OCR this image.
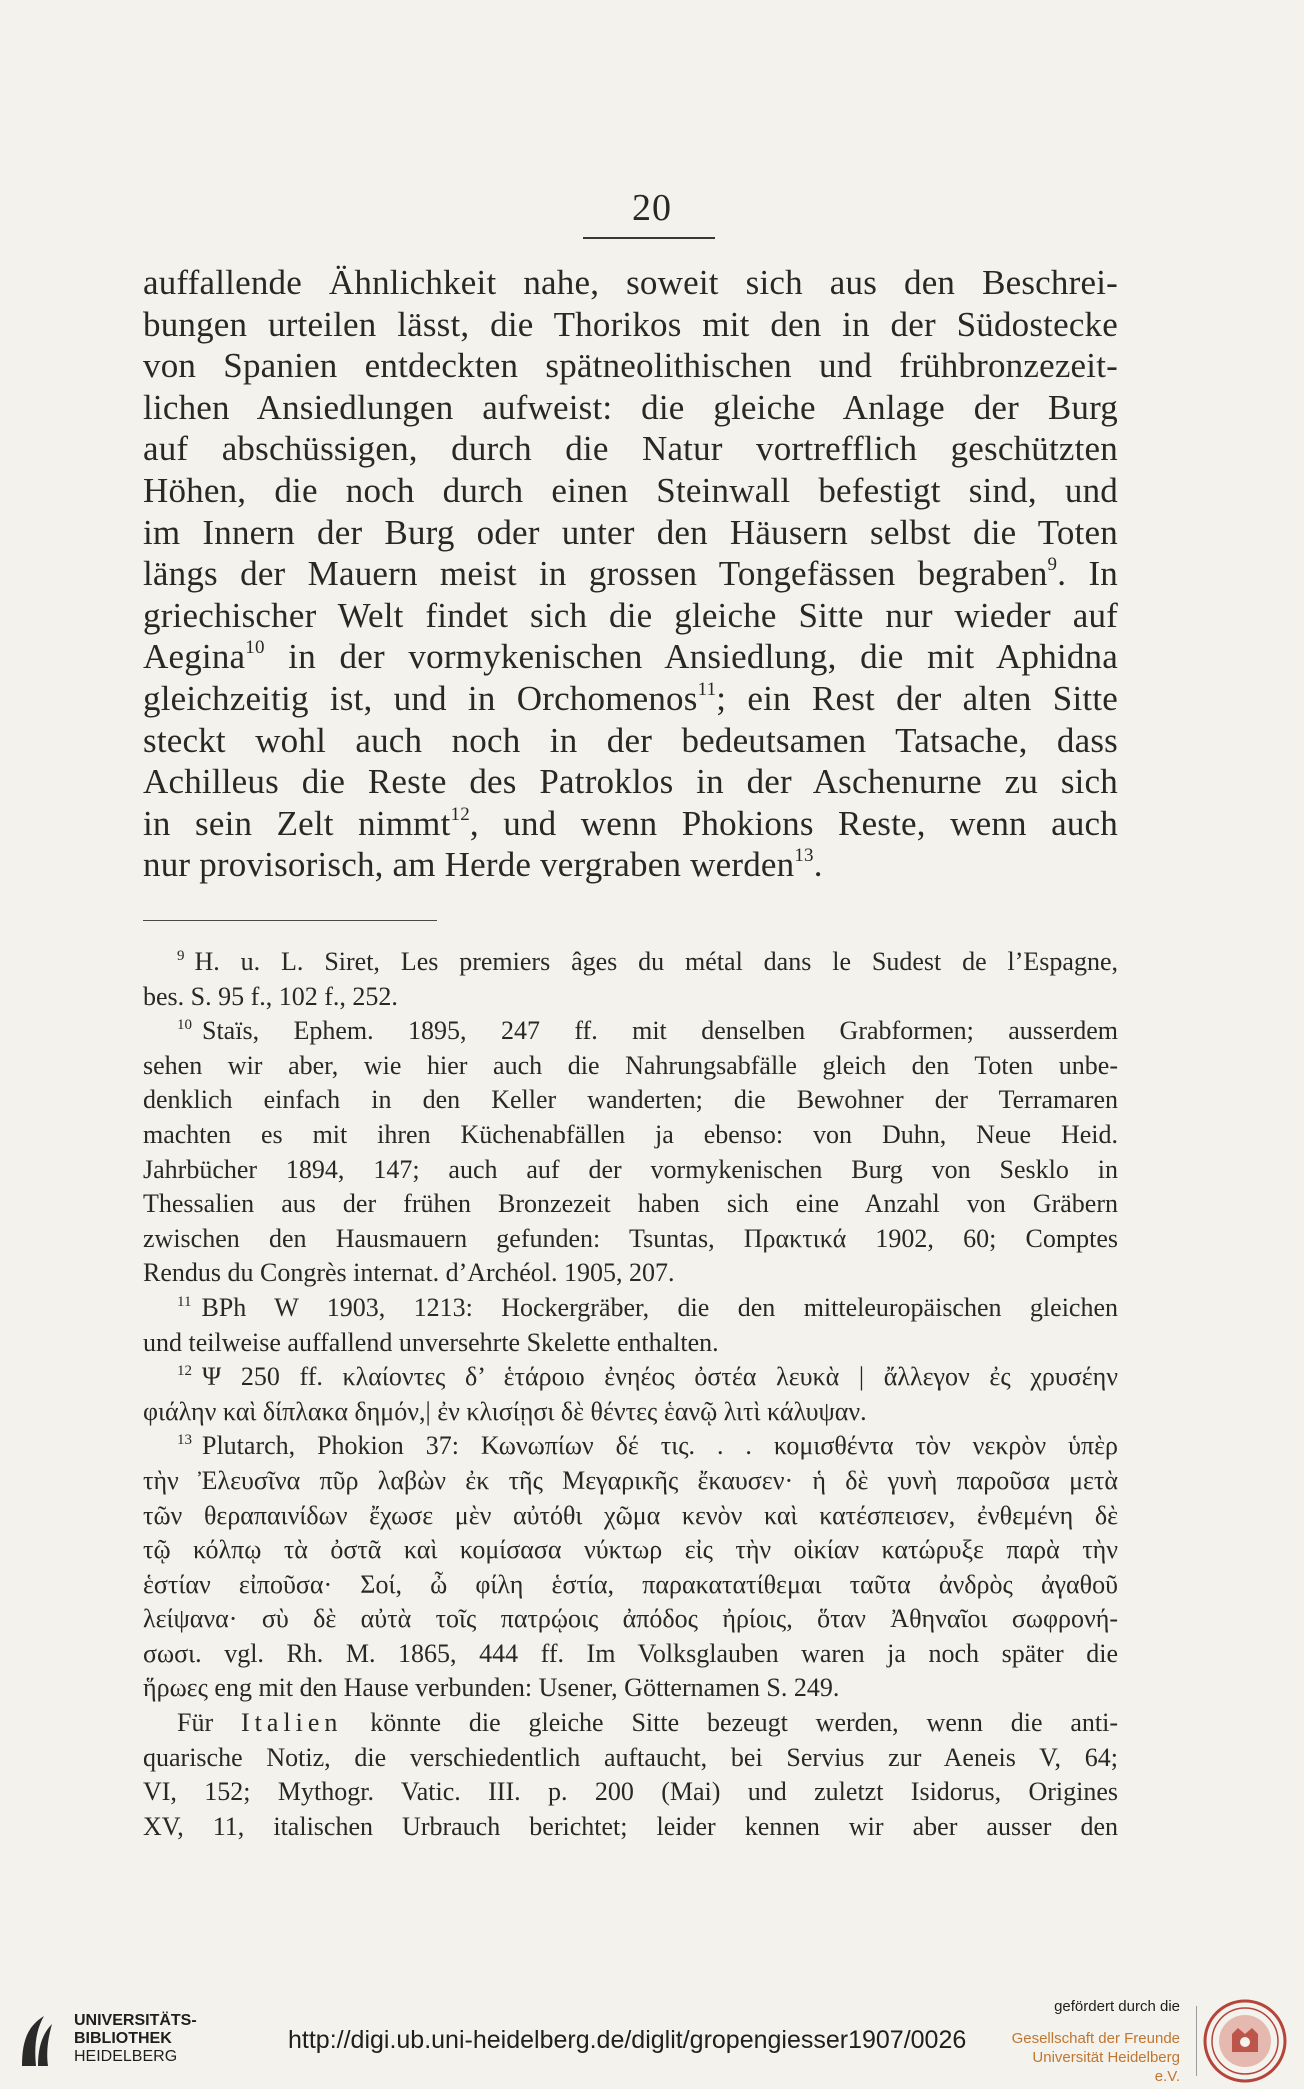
20
auffallende Ähnlichkeit nahe, soweit sich aus den Beschrei-
bungen urteilen lässt, die Thorikos mit den in der Südostecke
von Spanien entdeckten spätneolithischen und frühbronzezeit-
lichen Ansiedlungen aufweist: die gleiche Anlage der Burg
auf abschüssigen, durch die Natur vortrefflich geschützten
Höhen, die noch durch einen Steinwall befestigt sind, und
im Innern der Burg oder unter den Häusern selbst die Toten
längs der Mauern meist in grossen Tongefässen begraben$^9$. In
griechischer Welt findet sich die gleiche Sitte nur wieder auf
Aegina$^{10}$ in der vormykenischen Ansiedlung, die mit Aphidna
gleichzeitig ist, und in Orchomenos$^{11}$; ein Rest der alten Sitte
steckt wohl auch noch in der bedeutsamen Tatsache, dass
Achilleus die Reste des Patroklos in der Aschenurne zu sich
in sein Zelt nimmt$^{12}$, und wenn Phokions Reste, wenn auch
nur provisorisch, am Herde vergraben werden$^{13}$.
$^9$ H. u. L. Siret, Les premiers âges du métal dans le Sudest de l’Espagne,
bes. S. 95 f., 102 f., 252.
$^{10}$ Staïs, Ephem. 1895, 247 ff. mit denselben Grabformen; ausserdem
sehen wir aber, wie hier auch die Nahrungsabfälle gleich den Toten unbe-
denklich einfach in den Keller wanderten; die Bewohner der Terramaren
machten es mit ihren Küchenabfällen ja ebenso: von Duhn, Neue Heid.
Jahrbücher 1894, 147; auch auf der vormykenischen Burg von Sesklo in
Thessalien aus der frühen Bronzezeit haben sich eine Anzahl von Gräbern
zwischen den Hausmauern gefunden: Tsuntas, Πρακτικά 1902, 60; Comptes
Rendus du Congrès internat. d’Archéol. 1905, 207.
$^{11}$ BPh W 1903, 1213: Hockergräber, die den mitteleuropäischen gleichen
und teilweise auffallend unversehrte Skelette enthalten.
$^{12}$ Ψ 250 ff. κλαίοντες δ’ ἑτάροιο ἐνηέος ὀστέα λευκὰ | ἄλλεγον ἐς χρυσέην
φιάλην καὶ δίπλακα δημόν,| ἐν κλισίῃσι δὲ θέντες ἑανῷ λιτὶ κάλυψαν.
$^{13}$ Plutarch, Phokion 37: Κωνωπίων δέ τις. . . κομισθέντα τὸν νεκρὸν ὑπὲρ
τὴν Ἐλευσῖνα πῦρ λαβὼν ἐκ τῆς Μεγαρικῆς ἔκαυσεν· ἡ δὲ γυνὴ παροῦσα μετὰ
τῶν θεραπαινίδων ἔχωσε μὲν αὐτόθι χῶμα κενὸν καὶ κατέσπεισεν, ἐνθεμένη δὲ
τῷ κόλπῳ τὰ ὀστᾶ καὶ κομίσασα νύκτωρ εἰς τὴν οἰκίαν κατώρυξε παρὰ τὴν
ἑστίαν εἰποῦσα· Σοί, ὦ φίλη ἑστία, παρακατατίθεμαι ταῦτα ἀνδρὸς ἀγαθοῦ
λείψανα· σὺ δὲ αὐτὰ τοῖς πατρῴοις ἀπόδος ἠρίοις, ὅταν Ἀθηναῖοι σωφρονή-
σωσι. vgl. Rh. M. 1865, 444 ff. Im Volksglauben waren ja noch später die
ἥρωες eng mit den Hause verbunden: Usener, Götternamen S. 249.
Für Italien könnte die gleiche Sitte bezeugt werden, wenn die anti-
quarische Notiz, die verschiedentlich auftaucht, bei Servius zur Aeneis V, 64;
VI, 152; Mythogr. Vatic. III. p. 200 (Mai) und zuletzt Isidorus, Origines
XV, 11, italischen Urbrauch berichtet; leider kennen wir aber ausser den
UNIVERSITÄTS-
BIBLIOTHEK
HEIDELBERG
http://digi.ub.uni-heidelberg.de/diglit/gropengiesser1907/0026
gefördert durch die
Gesellschaft der Freunde
Universität Heidelberg e.V.
